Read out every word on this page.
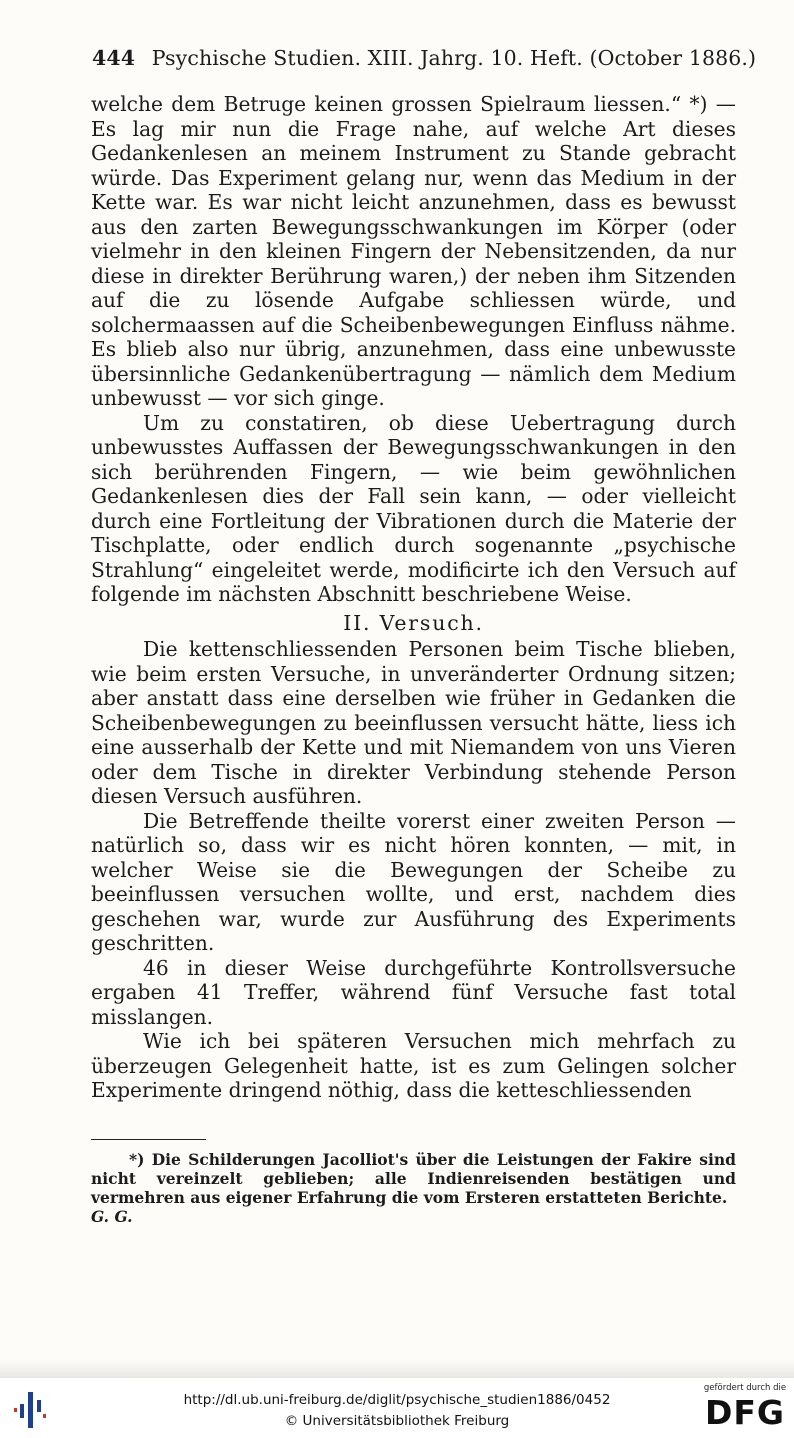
444 Psychische Studien. XIII. Jahrg. 10. Heft. (October 1886.)

welche dem Betruge keinen grossen Spielraum liessen.“ *) — Es lag mir nun die Frage nahe, auf welche Art dieses Gedankenlesen an meinem Instrument zu Stande gebracht würde. Das Experiment gelang nur, wenn das Medium in der Kette war. Es war nicht leicht anzunehmen, dass es bewusst aus den zarten Bewegungsschwankungen im Körper (oder vielmehr in den kleinen Fingern der Nebensitzenden, da nur diese in direkter Berührung waren,) der neben ihm Sitzenden auf die zu lösende Aufgabe schliessen würde, und solchermaassen auf die Scheibenbewegungen Einfluss nähme. Es blieb also nur übrig, anzunehmen, dass eine unbewusste übersinnliche Gedankenübertragung — nämlich dem Medium unbewusst — vor sich ginge.

Um zu constatiren, ob diese Uebertragung durch unbewusstes Auffassen der Bewegungsschwankungen in den sich berührenden Fingern, — wie beim gewöhnlichen Gedankenlesen dies der Fall sein kann, — oder vielleicht durch eine Fortleitung der Vibrationen durch die Materie der Tischplatte, oder endlich durch sogenannte „psychische Strahlung“ eingeleitet werde, modificirte ich den Versuch auf folgende im nächsten Abschnitt beschriebene Weise.

II. Versuch.

Die kettenschliessenden Personen beim Tische blieben, wie beim ersten Versuche, in unveränderter Ordnung sitzen; aber anstatt dass eine derselben wie früher in Gedanken die Scheibenbewegungen zu beeinflussen versucht hätte, liess ich eine ausserhalb der Kette und mit Niemandem von uns Vieren oder dem Tische in direkter Verbindung stehende Person diesen Versuch ausführen.

Die Betreffende theilte vorerst einer zweiten Person — natürlich so, dass wir es nicht hören konnten, — mit, in welcher Weise sie die Bewegungen der Scheibe zu beeinflussen versuchen wollte, und erst, nachdem dies geschehen war, wurde zur Ausführung des Experiments geschritten.

46 in dieser Weise durchgeführte Kontrollsversuche ergaben 41 Treffer, während fünf Versuche fast total misslangen.

Wie ich bei späteren Versuchen mich mehrfach zu überzeugen Gelegenheit hatte, ist es zum Gelingen solcher Experimente dringend nöthig, dass die ketteschliessenden

*) Die Schilderungen Jacolliot's über die Leistungen der Fakire sind nicht vereinzelt geblieben; alle Indienreisenden bestätigen und vermehren aus eigener Erfahrung die vom Ersteren erstatteten Berichte.

G. G.

http://dl.ub.uni-freiburg.de/diglit/psychische_studien1886/0452
© Universitätsbibliothek Freiburg
gefördert durch die
DFG
